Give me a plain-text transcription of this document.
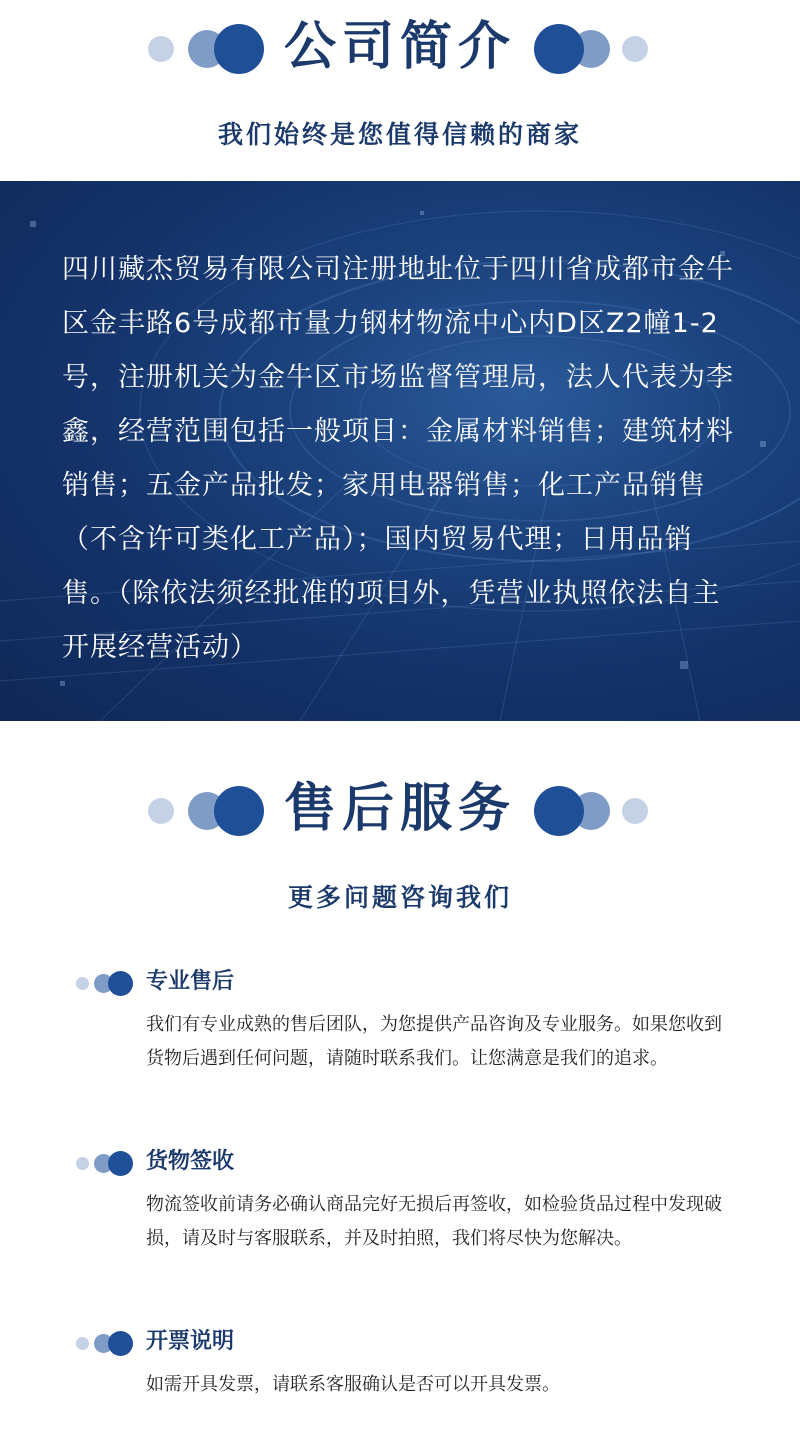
公司简介
我们始终是您值得信赖的商家
四川藏杰贸易有限公司注册地址位于四川省成都市金牛区金丰路6号成都市量力钢材物流中心内D区Z2幢1-2号，注册机关为金牛区市场监督管理局，法人代表为李鑫，经营范围包括一般项目：金属材料销售；建筑材料销售；五金产品批发；家用电器销售；化工产品销售（不含许可类化工产品）；国内贸易代理；日用品销售。（除依法须经批准的项目外，凭营业执照依法自主开展经营活动）
售后服务
更多问题咨询我们
专业售后
我们有专业成熟的售后团队，为您提供产品咨询及专业服务。如果您收到货物后遇到任何问题，请随时联系我们。让您满意是我们的追求。
货物签收
物流签收前请务必确认商品完好无损后再签收，如检验货品过程中发现破损，请及时与客服联系，并及时拍照，我们将尽快为您解决。
开票说明
如需开具发票，请联系客服确认是否可以开具发票。
